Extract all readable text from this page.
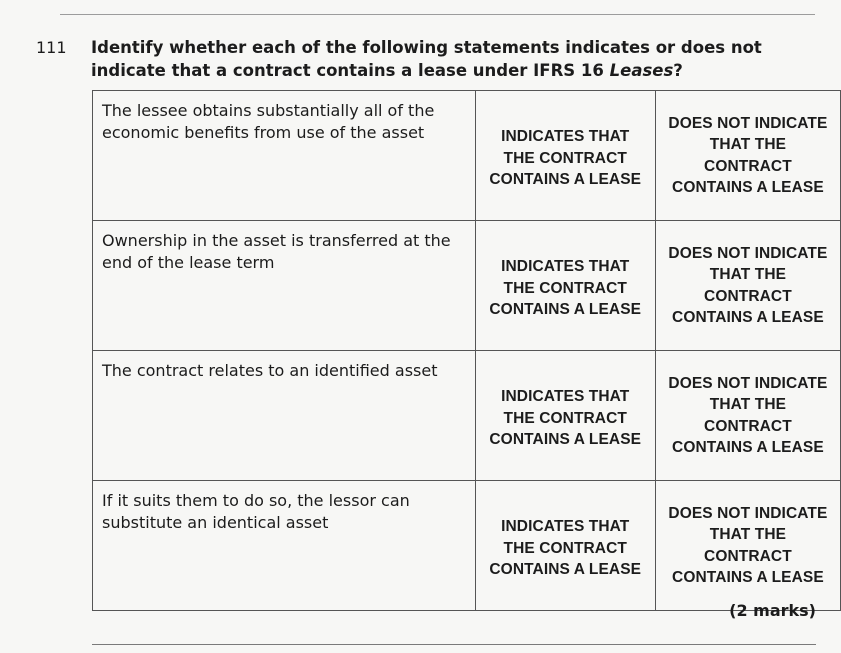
111 Identify whether each of the following statements indicates or does not indicate that a contract contains a lease under IFRS 16 Leases?
The lessee obtains substantially all of the economic benefits from use of the asset	INDICATES THAT THE CONTRACT CONTAINS A LEASE	DOES NOT INDICATE THAT THE CONTRACT CONTAINS A LEASE

Ownership in the asset is transferred at the end of the lease term	INDICATES THAT THE CONTRACT CONTAINS A LEASE	DOES NOT INDICATE THAT THE CONTRACT CONTAINS A LEASE

The contract relates to an identified asset	INDICATES THAT THE CONTRACT CONTAINS A LEASE	DOES NOT INDICATE THAT THE CONTRACT CONTAINS A LEASE

If it suits them to do so, the lessor can substitute an identical asset	INDICATES THAT THE CONTRACT CONTAINS A LEASE	DOES NOT INDICATE THAT THE CONTRACT CONTAINS A LEASE
(2 marks)
